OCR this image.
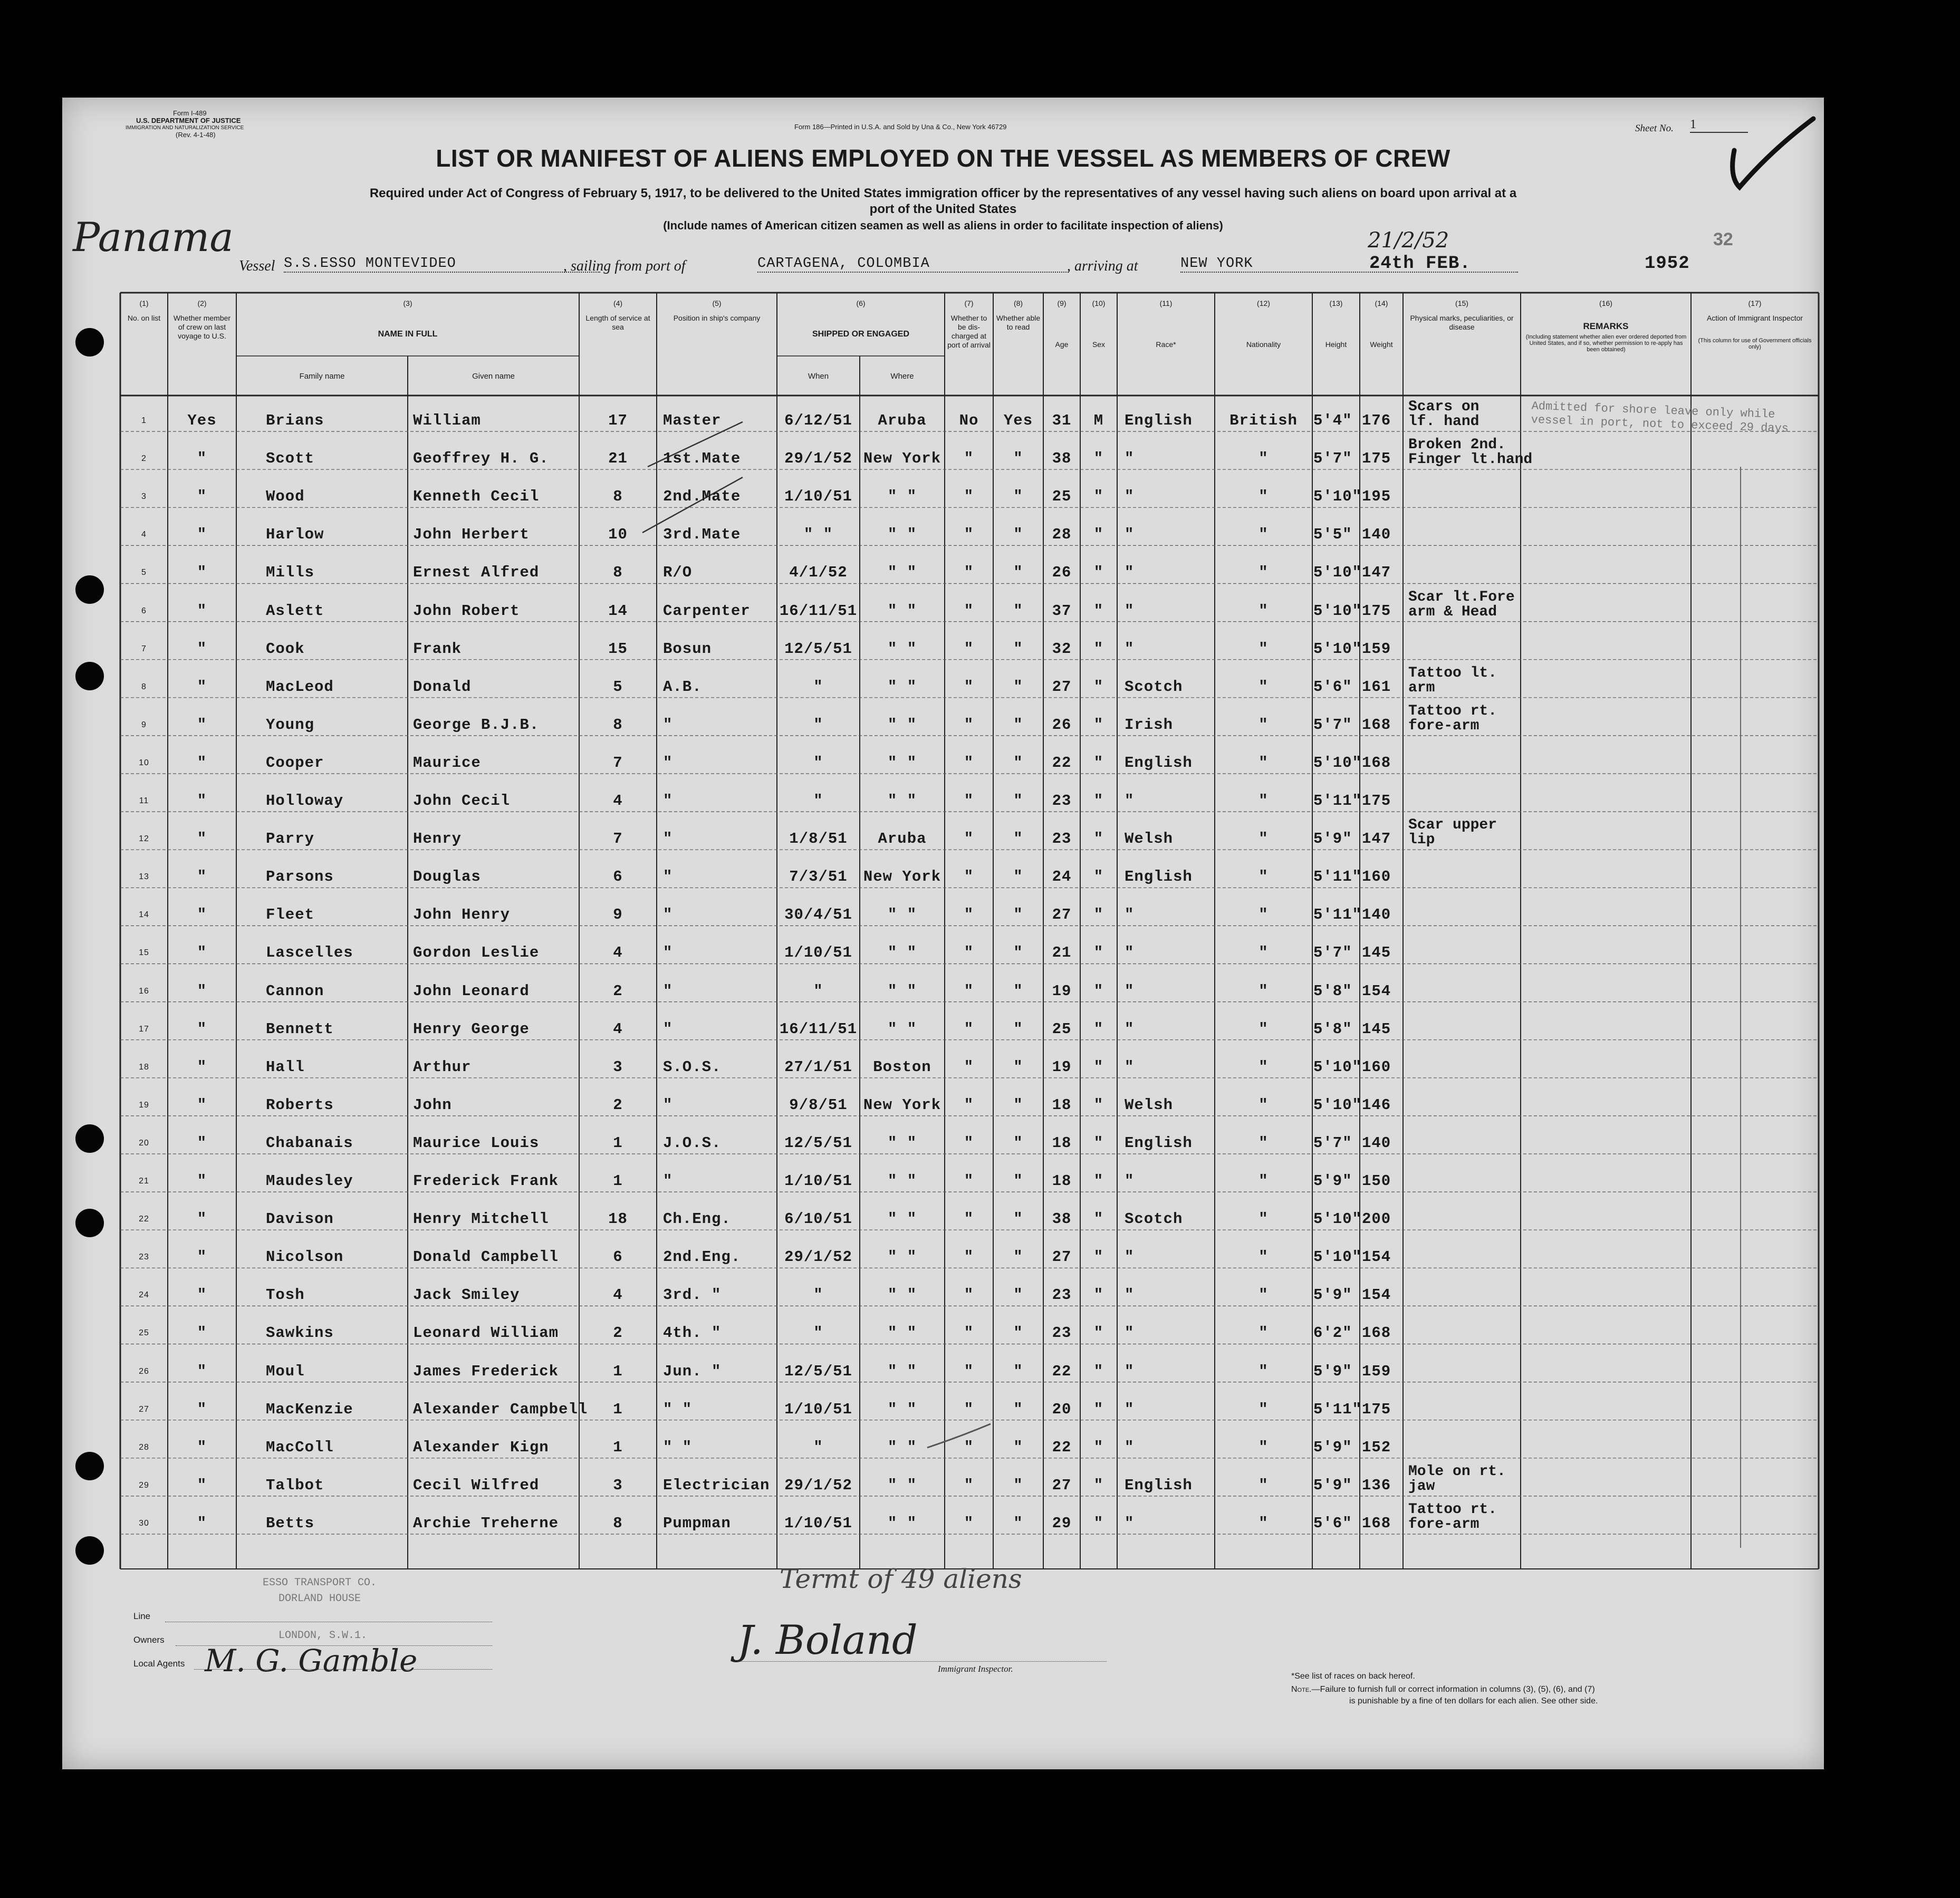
Form I-489
U.S. DEPARTMENT OF JUSTICE
IMMIGRATION AND NATURALIZATION SERVICE
(Rev. 4-1-48)
Form 186—Printed in U.S.A. and Sold by Una & Co., New York 46729	Sheet No. 1
LIST OR MANIFEST OF ALIENS EMPLOYED ON THE VESSEL AS MEMBERS OF CREW
Required under Act of Congress of February 5, 1917, to be delivered to the United States immigration officer by the representatives of any vessel having such aliens on board upon arrival at a
port of the United States
(Include names of American citizen seamen as well as aliens in order to facilitate inspection of aliens)
32
Panama
Vessel S.S.ESSO MONTEVIDEO	, sailing from port of	CARTAGENA, COLOMBIA	, arriving at	NEW YORK
21/2/52
24th FEB.	1952
(1)
No. on list
(2)
Whether member of crew on last voyage to U.S.
(3)	(4)
Length of service at sea
(5)
Position in ship's company
(6)	(7)
Whether to be dis-charged at port of arrival
(8)
Whether able to read
(9)
Age
(10)
Sex
(11)
Race*
(12)
Nationality
(13)
Height
(14)
Weight
(15)
Physical marks, peculiarities, or disease
(16)
REMARKS
(17)
Action of Immigrant Inspector
NAME IN FULL
Family name	Given name
SHIPPED OR ENGAGED
When	Where
(Including statement whether alien ever ordered deported from United States, and if so, whether permission to re-apply has been obtained)
(This column for use of Government officials only)
Admitted for shore leave only while vessel in port, not to exceed 29 days
1	Yes	Brians	William	17	Master	6/12/51	Aruba	No	Yes	31	M	English	British	5'4" 176
Scars on
lf. hand
2	"	Scott	Geoffrey H. G.	21	1st.Mate	29/1/52 New York	"	"	38	"	"	"	5'7" 175
Broken 2nd.
Finger lt.hand
3	"	Wood	Kenneth Cecil	8	2nd.Mate	1/10/51	" "	"	"	25	"	"	"	5'10" 195
4	"	Harlow	John Herbert	10	3rd.Mate	" "	" "	"	"	28	"	"	"	5'5" 140
5	"	Mills	Ernest Alfred	8	R/O	4/1/52	" "	"	"	26	"	"	"	5'10" 147
6	"	Aslett	John Robert	14	Carpenter	16/11/51	" "	"	"	37	"	"	"	5'10" 175
Scar lt.Fore
arm & Head
7	"	Cook	Frank	15	Bosun	12/5/51	" "	"	"	32	"	"	"	5'10" 159
8	"	MacLeod	Donald	5	A.B.	"	" "	"	"	27	"	Scotch	"	5'6" 161
Tattoo lt.
arm
9	"	Young	George B.J.B.	8	"	"	" "	"	"	26	"	Irish	"	5'7" 168
Tattoo rt.
fore-arm
10	"	Cooper	Maurice	7	"	"	" "	"	"	22	"	English	"	5'10" 168
11	"	Holloway	John Cecil	4	"	"	" "	"	"	23	"	"	"	5'11" 175
12	"	Parry	Henry	7	"	1/8/51	Aruba	"	"	23	"	Welsh	"	5'9" 147
Scar upper
lip
13	"	Parsons	Douglas	6	"	7/3/51	New York	"	"	24	"	English	"	5'11" 160
14	"	Fleet	John Henry	9	"	30/4/51	" "	"	"	27	"	"	"	5'11" 140
15	"	Lascelles	Gordon Leslie	4	"	1/10/51	" "	"	"	21	"	"	"	5'7" 145
16	"	Cannon	John Leonard	2	"	"	" "	"	"	19	"	"	"	5'8" 154
17	"	Bennett	Henry George	4	"	16/11/51	" "	"	"	25	"	"	"	5'8" 145
18	"	Hall	Arthur	3	S.O.S.	27/1/51	Boston	"	"	19	"	"	"	5'10" 160
19	"	Roberts	John	2	"	9/8/51	New York	"	"	18	"	Welsh	"	5'10" 146
20	"	Chabanais	Maurice Louis	1	J.O.S.	12/5/51	" "	"	"	18	"	English	"	5'7" 140
21	"	Maudesley	Frederick Frank	1	"	1/10/51	" "	"	"	18	"	"	"	5'9" 150
22	"	Davison	Henry Mitchell	18	Ch.Eng.	6/10/51	" "	"	"	38	"	Scotch	"	5'10" 200
23	"	Nicolson	Donald Campbell	6	2nd.Eng.	29/1/52	" "	"	"	27	"	"	"	5'10" 154
24	"	Tosh	Jack Smiley	4	3rd. "	"	" "	"	"	23	"	"	"	5'9" 154
25	"	Sawkins	Leonard William	2	4th. "	"	" "	"	"	23	"	"	"	6'2" 168
26	"	Moul	James Frederick	1	Jun. "	12/5/51	" "	"	"	22	"	"	"	5'9" 159
27	"	MacKenzie	Alexander Campbell	1	" "	1/10/51	" "	"	"	20	"	"	"	5'11" 175
28	"	MacColl	Alexander Kign	1	" "	"	" "	"	"	22	"	"	"	5'9" 152
29	"	Talbot	Cecil Wilfred	3	Electrician 29/1/52	" "	"	"	27	"	English	"	5'9" 136
Mole on rt.
jaw
30	"	Betts	Archie Treherne	8	Pumpman	1/10/51	" "	"	"	29	"	"	"	5'6" 168
Tattoo rt.
fore-arm
Termt of 49 aliens
ESSO TRANSPORT CO.
DORLAND HOUSE
LONDON, S.W.1.
Line
Owners
Local Agents M. G. Gamble	J. Boland
Immigrant Inspector.
*See list of races on back hereof.
Note.—Failure to furnish full or correct information in columns (3), (5), (6), and (7)
is punishable by a fine of ten dollars for each alien. See other side.
